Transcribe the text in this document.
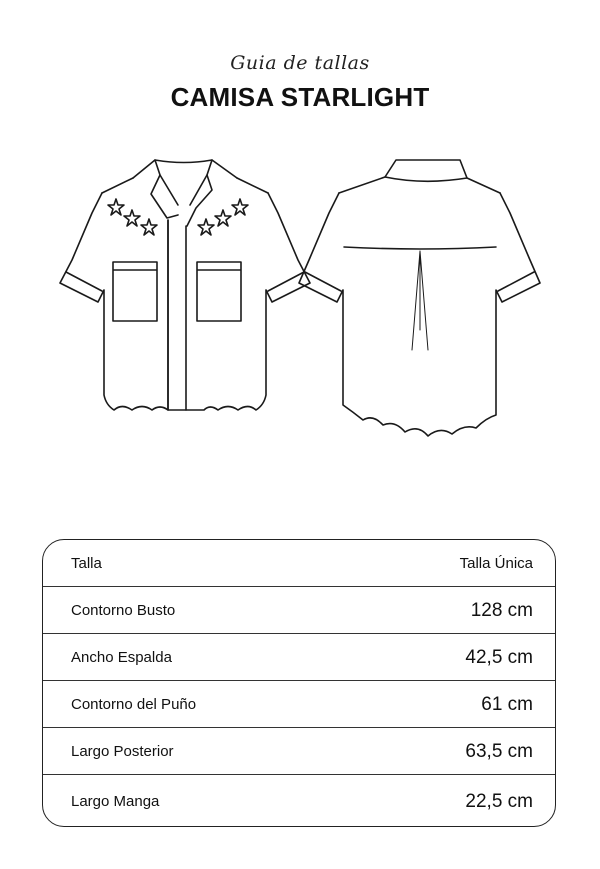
Guia de tallas
CAMISA STARLIGHT
Talla	Talla Única
Contorno Busto	128 cm
Ancho Espalda	42,5 cm
Contorno del Puño	61 cm
Largo Posterior	63,5 cm
Largo Manga	22,5 cm
